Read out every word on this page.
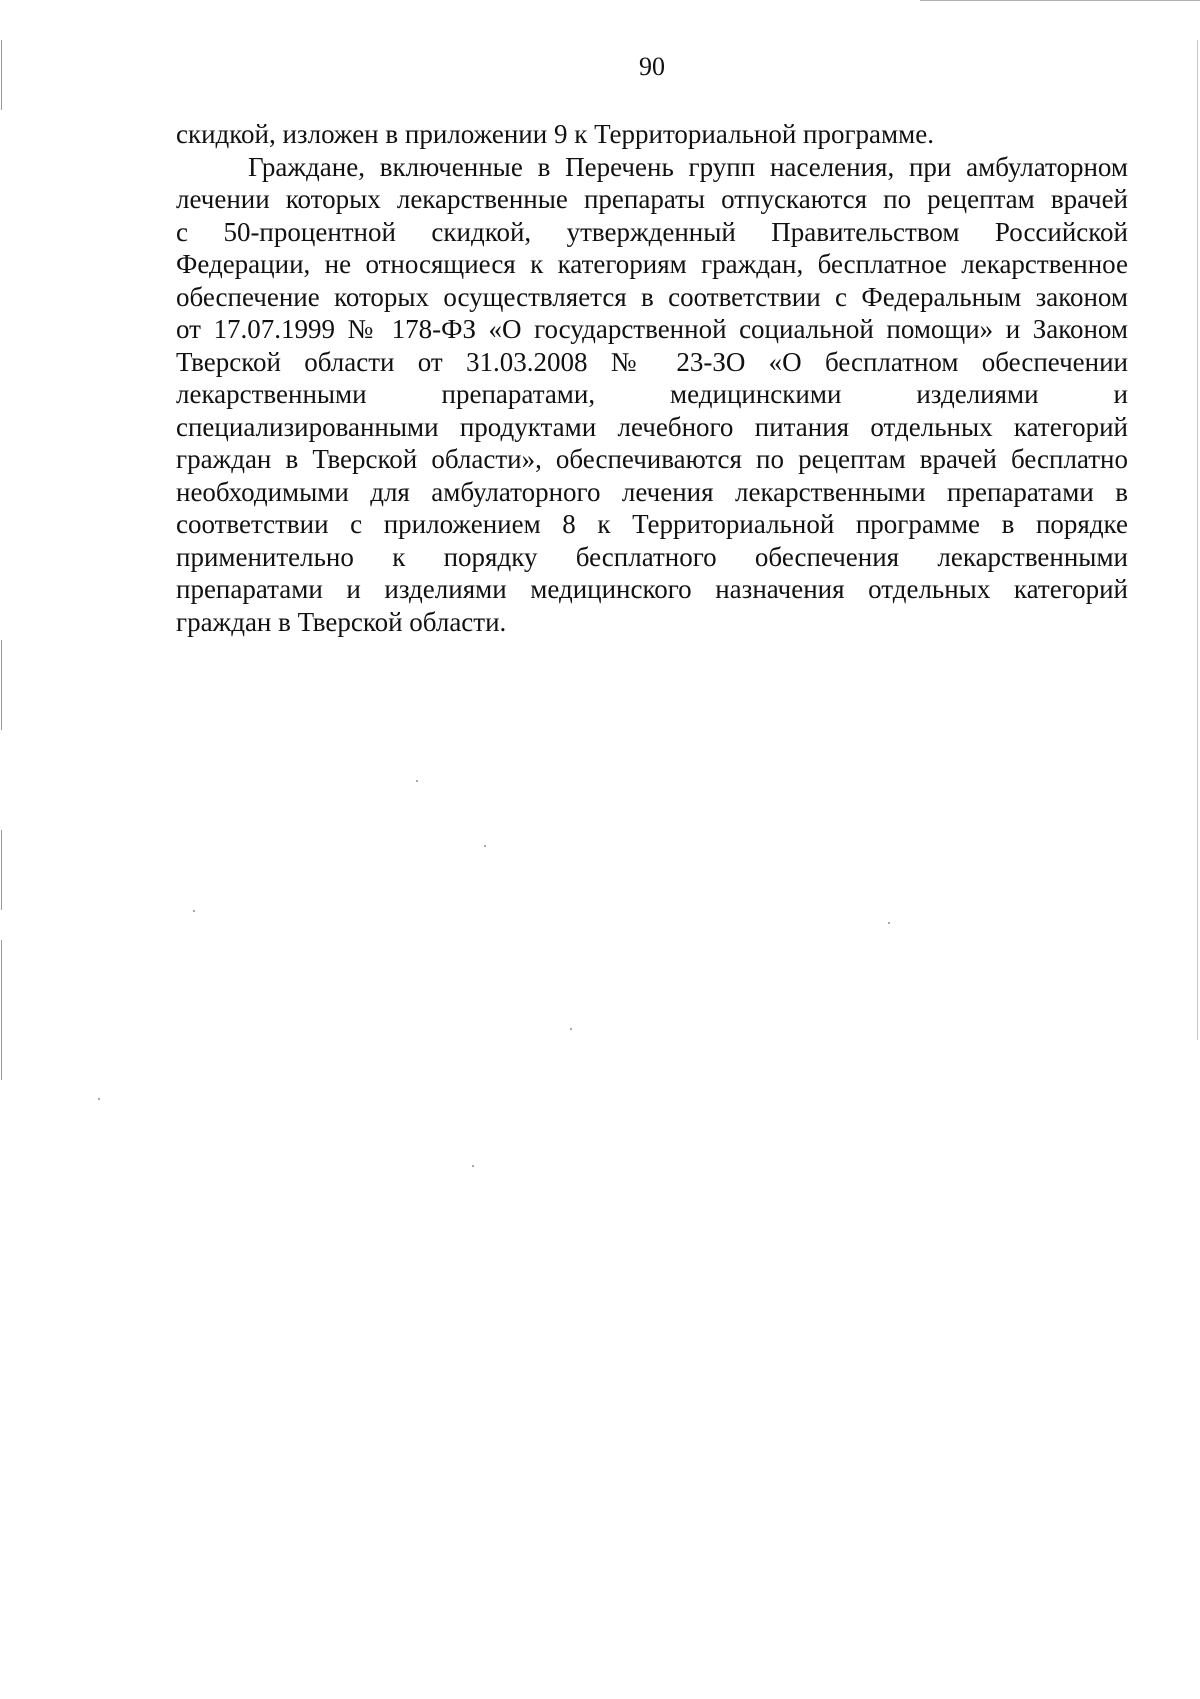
90
скидкой, изложен в приложении 9 к Территориальной программе.
Граждане, включенные в Перечень групп населения, при амбулаторном
лечении которых лекарственные препараты отпускаются по рецептам врачей
с 50-процентной скидкой, утвержденный Правительством Российской
Федерации, не относящиеся к категориям граждан, бесплатное лекарственное
обеспечение которых осуществляется в соответствии с Федеральным законом
от 17.07.1999 № 178-ФЗ «О государственной социальной помощи» и Законом
Тверской области от 31.03.2008 № 23-ЗО «О бесплатном обеспечении
лекарственными препаратами, медицинскими изделиями и
специализированными продуктами лечебного питания отдельных категорий
граждан в Тверской области», обеспечиваются по рецептам врачей бесплатно
необходимыми для амбулаторного лечения лекарственными препаратами в
соответствии с приложением 8 к Территориальной программе в порядке
применительно к порядку бесплатного обеспечения лекарственными
препаратами и изделиями медицинского назначения отдельных категорий
граждан в Тверской области.
